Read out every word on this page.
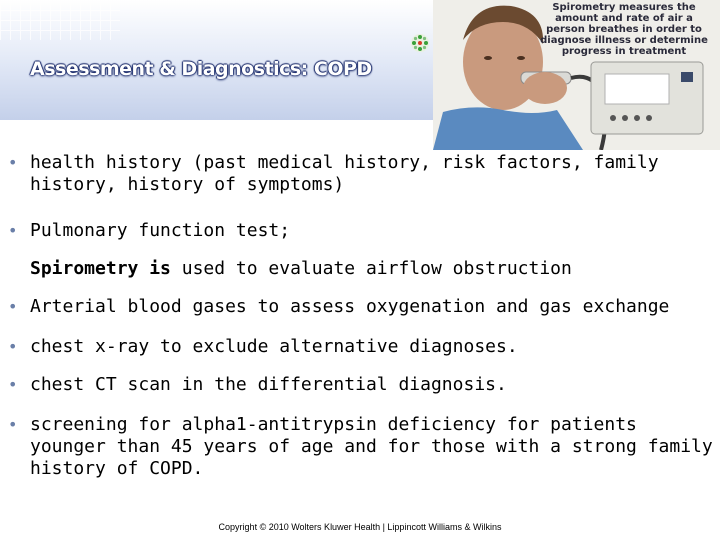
Assessment & Diagnostics: COPD
Spirometry measures the amount and rate of air a person breathes in order to diagnose illness or determine progress in treatment
• health history (past medical history, risk factors, family history, history of symptoms)
• Pulmonary function test;
Spirometry is used to evaluate airflow obstruction
• Arterial blood gases to assess oxygenation and gas exchange
• chest x-ray to exclude alternative diagnoses.
• chest CT scan in the differential diagnosis.
• screening for alpha1-antitrypsin deficiency for patients younger than 45 years of age and for those with a strong family history of COPD.
Copyright © 2010 Wolters Kluwer Health | Lippincott Williams & Wilkins
